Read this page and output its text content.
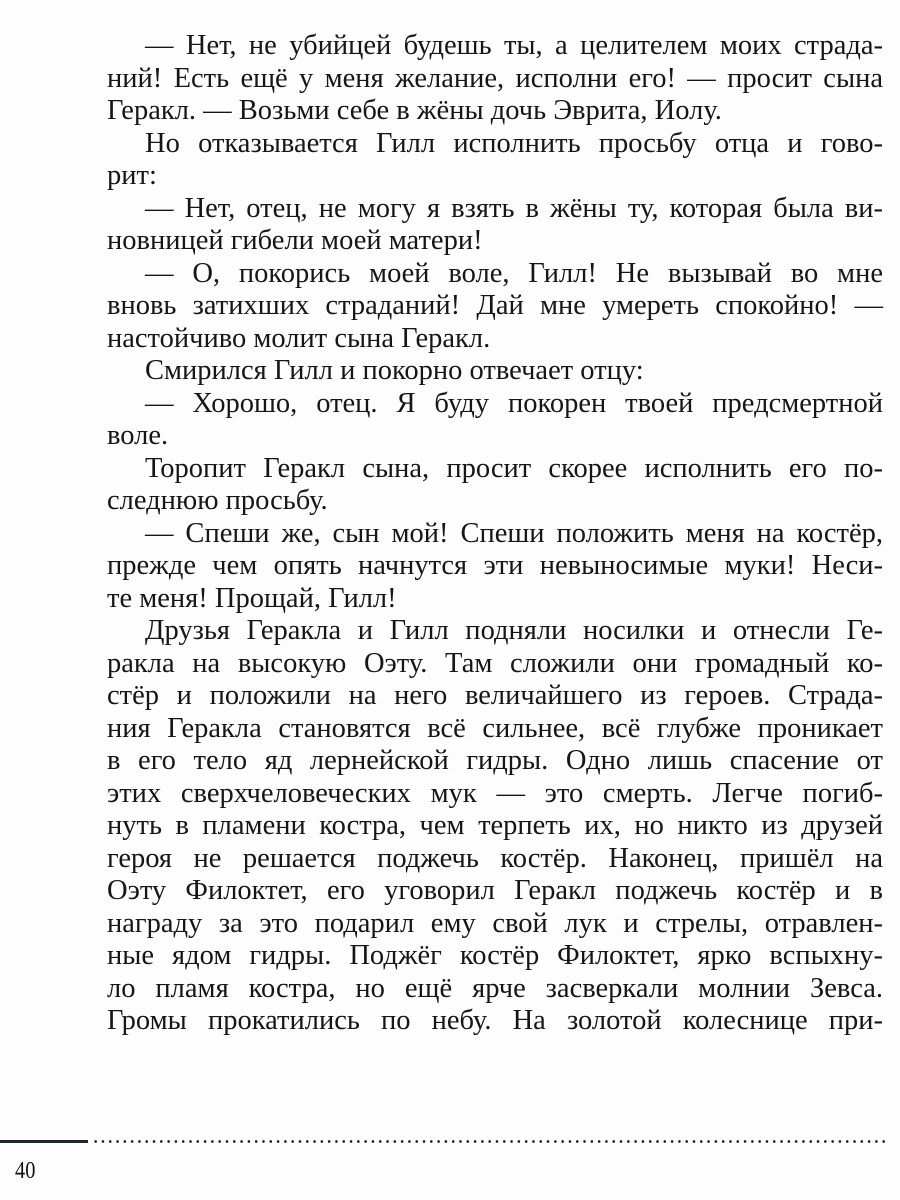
— Нет, не убийцей будешь ты, а целителем моих страда-
ний! Есть ещё у меня желание, исполни его! — просит сына
Геракл. — Возьми себе в жёны дочь Эврита, Иолу.
Но отказывается Гилл исполнить просьбу отца и гово-
рит:
— Нет, отец, не могу я взять в жёны ту, которая была ви-
новницей гибели моей матери!
— О, покорись моей воле, Гилл! Не вызывай во мне
вновь затихших страданий! Дай мне умереть спокойно! —
настойчиво молит сына Геракл.
Смирился Гилл и покорно отвечает отцу:
— Хорошо, отец. Я буду покорен твоей предсмертной
воле.
Торопит Геракл сына, просит скорее исполнить его по-
следнюю просьбу.
— Спеши же, сын мой! Спеши положить меня на костёр,
прежде чем опять начнутся эти невыносимые муки! Неси-
те меня! Прощай, Гилл!
Друзья Геракла и Гилл подняли носилки и отнесли Ге-
ракла на высокую Оэту. Там сложили они громадный ко-
стёр и положили на него величайшего из героев. Страда-
ния Геракла становятся всё сильнее, всё глубже проникает
в его тело яд лернейской гидры. Одно лишь спасение от
этих сверхчеловеческих мук — это смерть. Легче погиб-
нуть в пламени костра, чем терпеть их, но никто из друзей
героя не решается поджечь костёр. Наконец, пришёл на
Оэту Филоктет, его уговорил Геракл поджечь костёр и в
награду за это подарил ему свой лук и стрелы, отравлен-
ные ядом гидры. Поджёг костёр Филоктет, ярко вспыхну-
ло пламя костра, но ещё ярче засверкали молнии Зевса.
Громы прокатились по небу. На золотой колеснице при-
40
